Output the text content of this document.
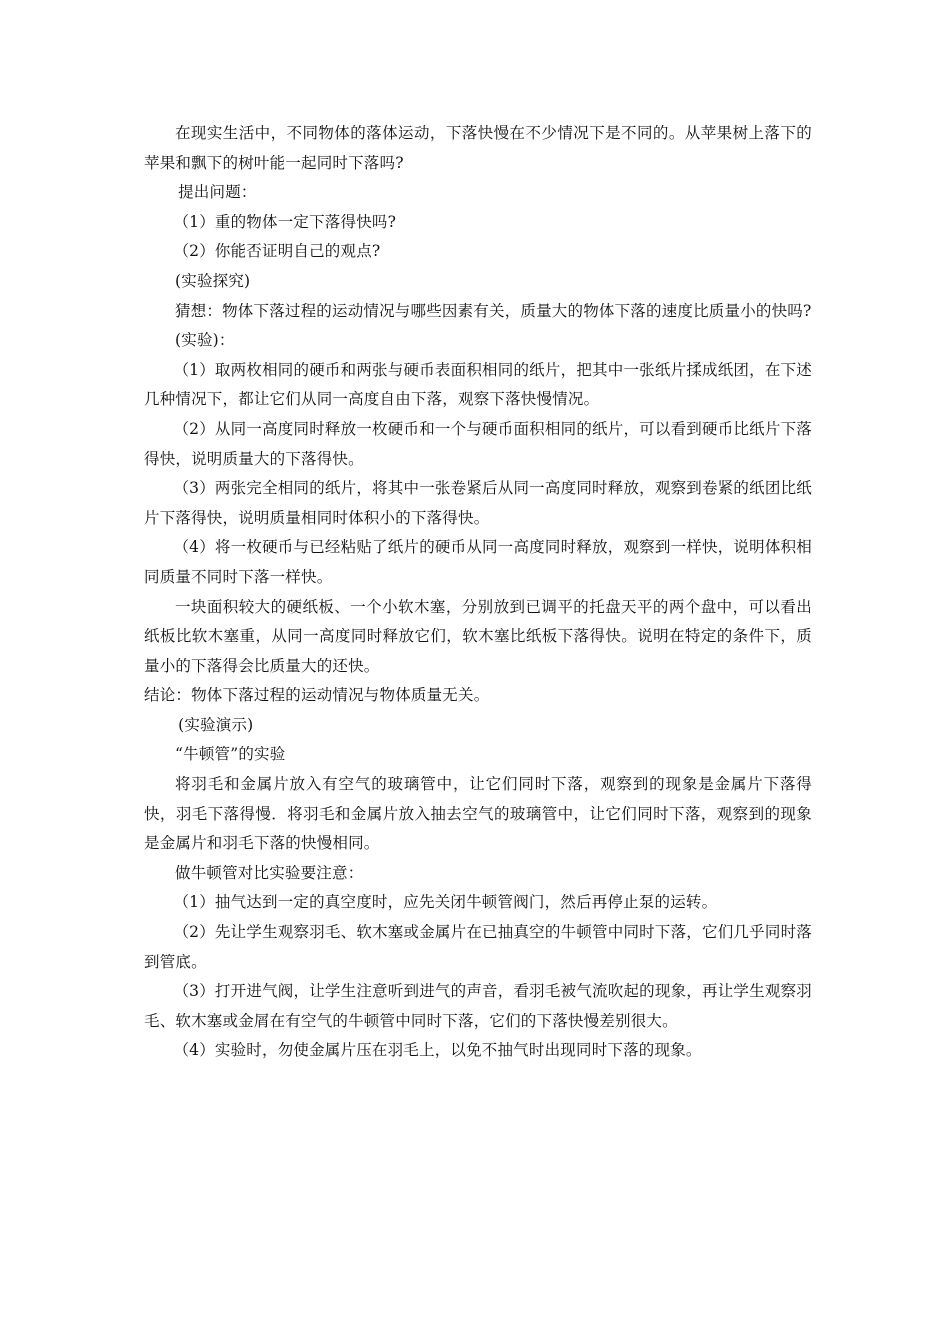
在现实生活中，不同物体的落体运动，下落快慢在不少情况下是不同的。从苹果树上落下的苹果和飘下的树叶能一起同时下落吗?

提出问题：

（1）重的物体一定下落得快吗?

（2）你能否证明自己的观点?

(实验探究)

猜想：物体下落过程的运动情况与哪些因素有关，质量大的物体下落的速度比质量小的快吗?

(实验)：

（1）取两枚相同的硬币和两张与硬币表面积相同的纸片，把其中一张纸片揉成纸团，在下述几种情况下，都让它们从同一高度自由下落，观察下落快慢情况。

（2）从同一高度同时释放一枚硬币和一个与硬币面积相同的纸片，可以看到硬币比纸片下落得快，说明质量大的下落得快。

（3）两张完全相同的纸片，将其中一张卷紧后从同一高度同时释放，观察到卷紧的纸团比纸片下落得快，说明质量相同时体积小的下落得快。

（4）将一枚硬币与已经粘贴了纸片的硬币从同一高度同时释放，观察到一样快，说明体积相同质量不同时下落一样快。

一块面积较大的硬纸板、一个小软木塞，分别放到已调平的托盘天平的两个盘中，可以看出纸板比软木塞重，从同一高度同时释放它们，软木塞比纸板下落得快。说明在特定的条件下，质量小的下落得会比质量大的还快。

结论：物体下落过程的运动情况与物体质量无关。

(实验演示)

“牛顿管”的实验

将羽毛和金属片放入有空气的玻璃管中，让它们同时下落，观察到的现象是金属片下落得快，羽毛下落得慢．将羽毛和金属片放入抽去空气的玻璃管中，让它们同时下落，观察到的现象是金属片和羽毛下落的快慢相同。

做牛顿管对比实验要注意：

（1）抽气达到一定的真空度时，应先关闭牛顿管阀门，然后再停止泵的运转。

（2）先让学生观察羽毛、软木塞或金属片在已抽真空的牛顿管中同时下落，它们几乎同时落到管底。

（3）打开进气阀，让学生注意听到进气的声音，看羽毛被气流吹起的现象，再让学生观察羽毛、软木塞或金屑在有空气的牛顿管中同时下落，它们的下落快慢差别很大。

（4）实验时，勿使金属片压在羽毛上，以免不抽气时出现同时下落的现象。
